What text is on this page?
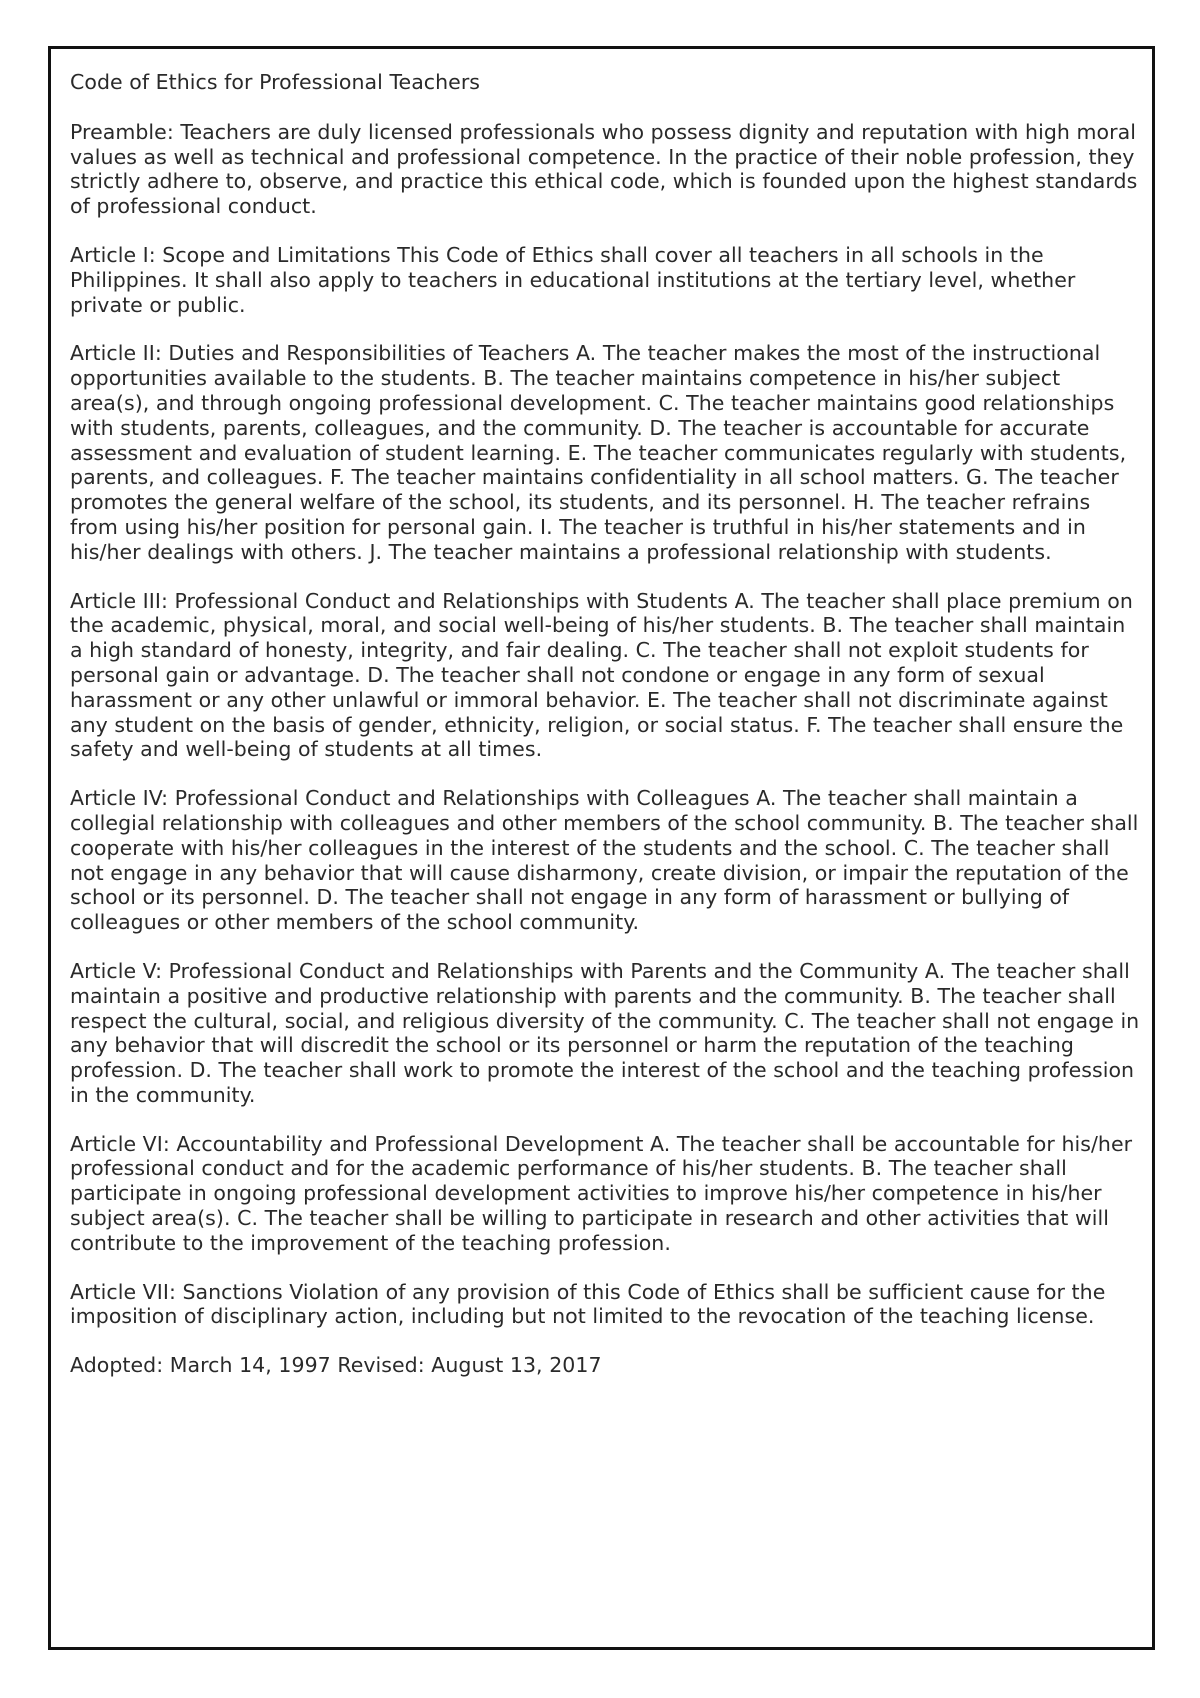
Code of Ethics for Professional Teachers

Preamble: Teachers are duly licensed professionals who possess dignity and reputation with high moral values as well as technical and professional competence. In the practice of their noble profession, they strictly adhere to, observe, and practice this ethical code, which is founded upon the highest standards of professional conduct.

Article I: Scope and Limitations This Code of Ethics shall cover all teachers in all schools in the Philippines. It shall also apply to teachers in educational institutions at the tertiary level, whether private or public.

Article II: Duties and Responsibilities of Teachers A. The teacher makes the most of the instructional opportunities available to the students. B. The teacher maintains competence in his/her subject area(s), and through ongoing professional development. C. The teacher maintains good relationships with students, parents, colleagues, and the community. D. The teacher is accountable for accurate assessment and evaluation of student learning. E. The teacher communicates regularly with students, parents, and colleagues. F. The teacher maintains confidentiality in all school matters. G. The teacher promotes the general welfare of the school, its students, and its personnel. H. The teacher refrains from using his/her position for personal gain. I. The teacher is truthful in his/her statements and in his/her dealings with others. J. The teacher maintains a professional relationship with students.

Article III: Professional Conduct and Relationships with Students A. The teacher shall place premium on the academic, physical, moral, and social well-being of his/her students. B. The teacher shall maintain a high standard of honesty, integrity, and fair dealing. C. The teacher shall not exploit students for personal gain or advantage. D. The teacher shall not condone or engage in any form of sexual harassment or any other unlawful or immoral behavior. E. The teacher shall not discriminate against any student on the basis of gender, ethnicity, religion, or social status. F. The teacher shall ensure the safety and well-being of students at all times.

Article IV: Professional Conduct and Relationships with Colleagues A. The teacher shall maintain a collegial relationship with colleagues and other members of the school community. B. The teacher shall cooperate with his/her colleagues in the interest of the students and the school. C. The teacher shall not engage in any behavior that will cause disharmony, create division, or impair the reputation of the school or its personnel. D. The teacher shall not engage in any form of harassment or bullying of colleagues or other members of the school community.

Article V: Professional Conduct and Relationships with Parents and the Community A. The teacher shall maintain a positive and productive relationship with parents and the community. B. The teacher shall respect the cultural, social, and religious diversity of the community. C. The teacher shall not engage in any behavior that will discredit the school or its personnel or harm the reputation of the teaching profession. D. The teacher shall work to promote the interest of the school and the teaching profession in the community.

Article VI: Accountability and Professional Development A. The teacher shall be accountable for his/her professional conduct and for the academic performance of his/her students. B. The teacher shall participate in ongoing professional development activities to improve his/her competence in his/her subject area(s). C. The teacher shall be willing to participate in research and other activities that will contribute to the improvement of the teaching profession.

Article VII: Sanctions Violation of any provision of this Code of Ethics shall be sufficient cause for the imposition of disciplinary action, including but not limited to the revocation of the teaching license.

Adopted: March 14, 1997 Revised: August 13, 2017
